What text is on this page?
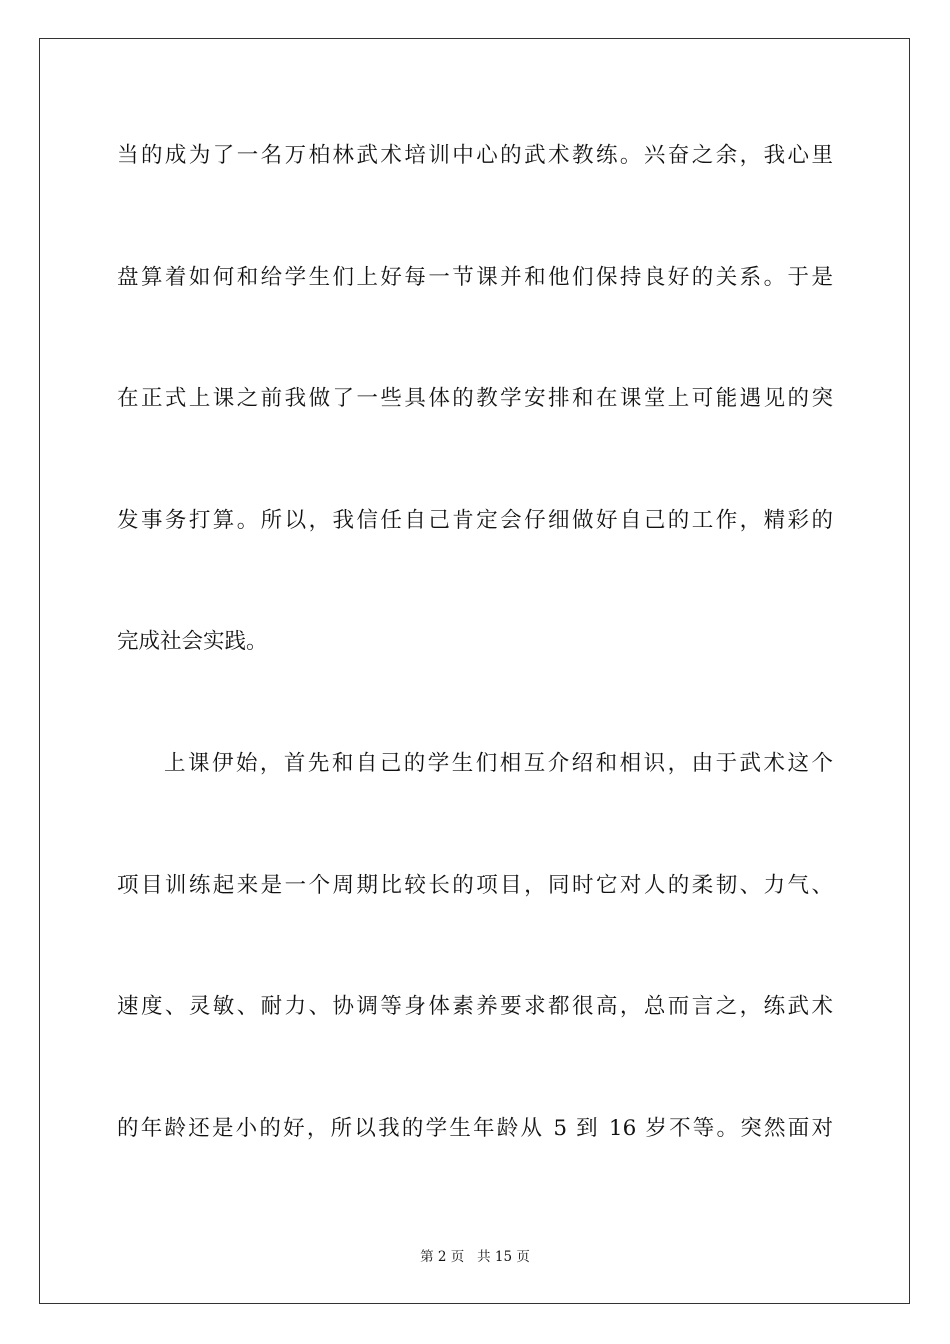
当的成为了一名万柏林武术培训中心的武术教练。兴奋之余，我心里
盘算着如何和给学生们上好每一节课并和他们保持良好的关系。于是
在正式上课之前我做了一些具体的教学安排和在课堂上可能遇见的突
发事务打算。所以，我信任自己肯定会仔细做好自己的工作，精彩的
完成社会实践。
上课伊始，首先和自己的学生们相互介绍和相识，由于武术这个
项目训练起来是一个周期比较长的项目，同时它对人的柔韧、力气、
速度、灵敏、耐力、协调等身体素养要求都很高，总而言之，练武术
的年龄还是小的好，所以我的学生年龄从 5 到 16 岁不等。突然面对
第 2 页   共 15 页
